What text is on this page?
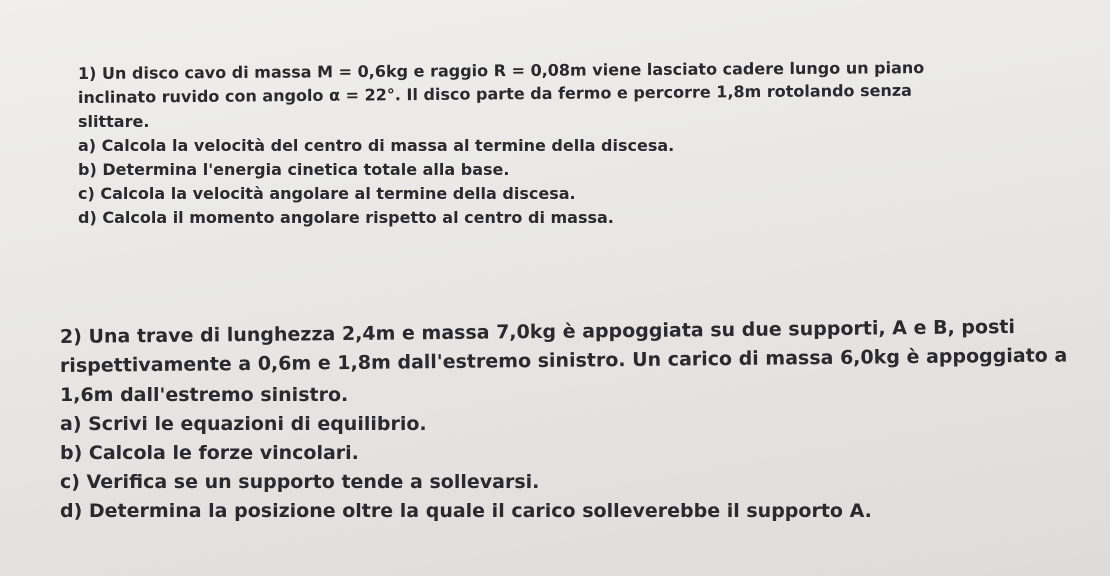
1) Un disco cavo di massa M = 0,6kg e raggio R = 0,08m viene lasciato cadere lungo un piano
inclinato ruvido con angolo α = 22°. Il disco parte da fermo e percorre 1,8m rotolando senza
slittare.
a) Calcola la velocità del centro di massa al termine della discesa.
b) Determina l'energia cinetica totale alla base.
c) Calcola la velocità angolare al termine della discesa.
d) Calcola il momento angolare rispetto al centro di massa.
2) Una trave di lunghezza 2,4m e massa 7,0kg è appoggiata su due supporti, A e B, posti
rispettivamente a 0,6m e 1,8m dall'estremo sinistro. Un carico di massa 6,0kg è appoggiato a
1,6m dall'estremo sinistro.
a) Scrivi le equazioni di equilibrio.
b) Calcola le forze vincolari.
c) Verifica se un supporto tende a sollevarsi.
d) Determina la posizione oltre la quale il carico solleverebbe il supporto A.
